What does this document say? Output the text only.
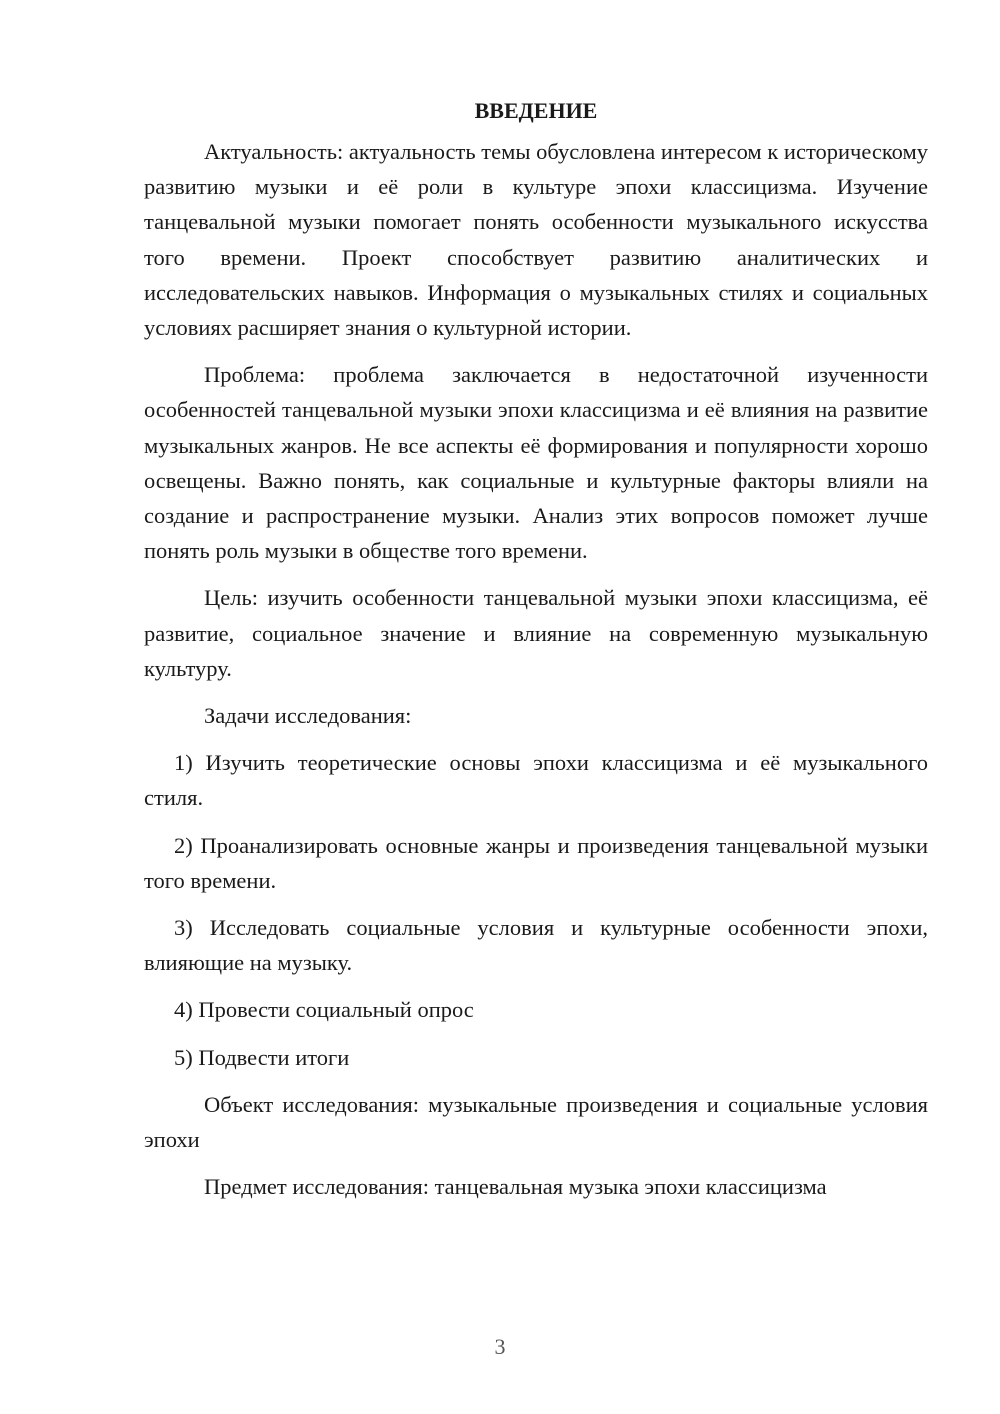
ВВЕДЕНИЕ

Актуальность: актуальность темы обусловлена интересом к историческому развитию музыки и её роли в культуре эпохи классицизма. Изучение танцевальной музыки помогает понять особенности музыкального искусства того времени. Проект способствует развитию аналитических и исследовательских навыков. Информация о музыкальных стилях и социальных условиях расширяет знания о культурной истории.

Проблема: проблема заключается в недостаточной изученности особенностей танцевальной музыки эпохи классицизма и её влияния на развитие музыкальных жанров. Не все аспекты её формирования и популярности хорошо освещены. Важно понять, как социальные и культурные факторы влияли на создание и распространение музыки. Анализ этих вопросов поможет лучше понять роль музыки в обществе того времени.

Цель: изучить особенности танцевальной музыки эпохи классицизма, её развитие, социальное значение и влияние на современную музыкальную культуру.

Задачи исследования:

1) Изучить теоретические основы эпохи классицизма и её музыкального стиля.

2) Проанализировать основные жанры и произведения танцевальной музыки того времени.

3) Исследовать социальные условия и культурные особенности эпохи, влияющие на музыку.

4) Провести социальный опрос

5) Подвести итоги

Объект исследования: музыкальные произведения и социальные условия эпохи

Предмет исследования: танцевальная музыка эпохи классицизма

3
